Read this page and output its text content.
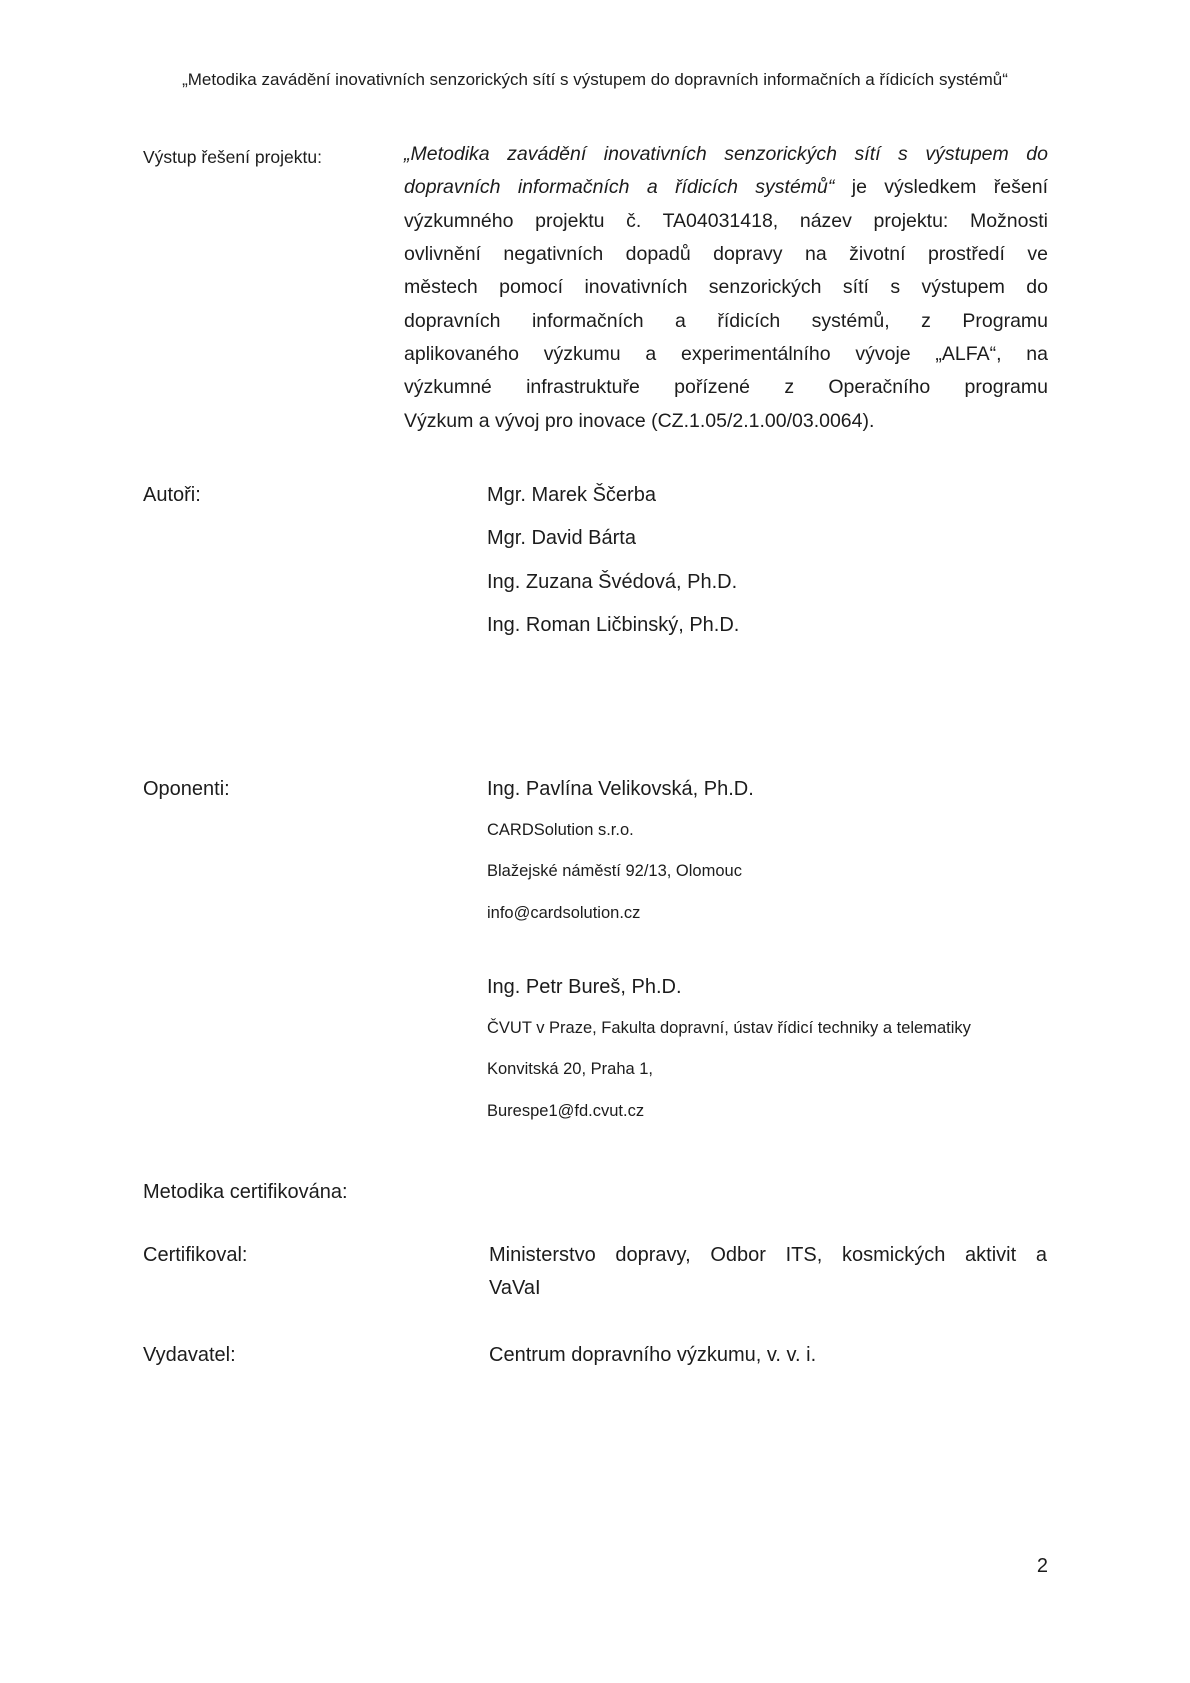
„Metodika zavádění inovativních senzorických sítí s výstupem do dopravních informačních a řídicích systémů“
Výstup řešení projektu:	„Metodika zavádění inovativních senzorických sítí s výstupem do
dopravních informačních a řídicích systémů“ je výsledkem řešení
výzkumného projektu č. TA04031418, název projektu: Možnosti
ovlivnění negativních dopadů dopravy na životní prostředí ve
městech pomocí inovativních senzorických sítí s výstupem do
dopravních informačních a řídicích systémů, z Programu
aplikovaného výzkumu a experimentálního vývoje „ALFA“, na
výzkumné infrastruktuře pořízené z Operačního programu
Výzkum a vývoj pro inovace (CZ.1.05/2.1.00/03.0064).
Autoři:	Mgr. Marek Ščerba
Mgr. David Bárta
Ing. Zuzana Švédová, Ph.D.
Ing. Roman Ličbinský, Ph.D.
Oponenti:	Ing. Pavlína Velikovská, Ph.D.
CARDSolution s.r.o.
Blažejské náměstí 92/13, Olomouc
info@cardsolution.cz
Ing. Petr Bureš, Ph.D.
ČVUT v Praze, Fakulta dopravní, ústav řídicí techniky a telematiky
Konvitská 20, Praha 1,
Burespe1@fd.cvut.cz
Metodika certifikována:
Certifikoval:	Ministerstvo dopravy, Odbor ITS, kosmických aktivit a
VaVaI
Vydavatel:	Centrum dopravního výzkumu, v. v. i.
2
